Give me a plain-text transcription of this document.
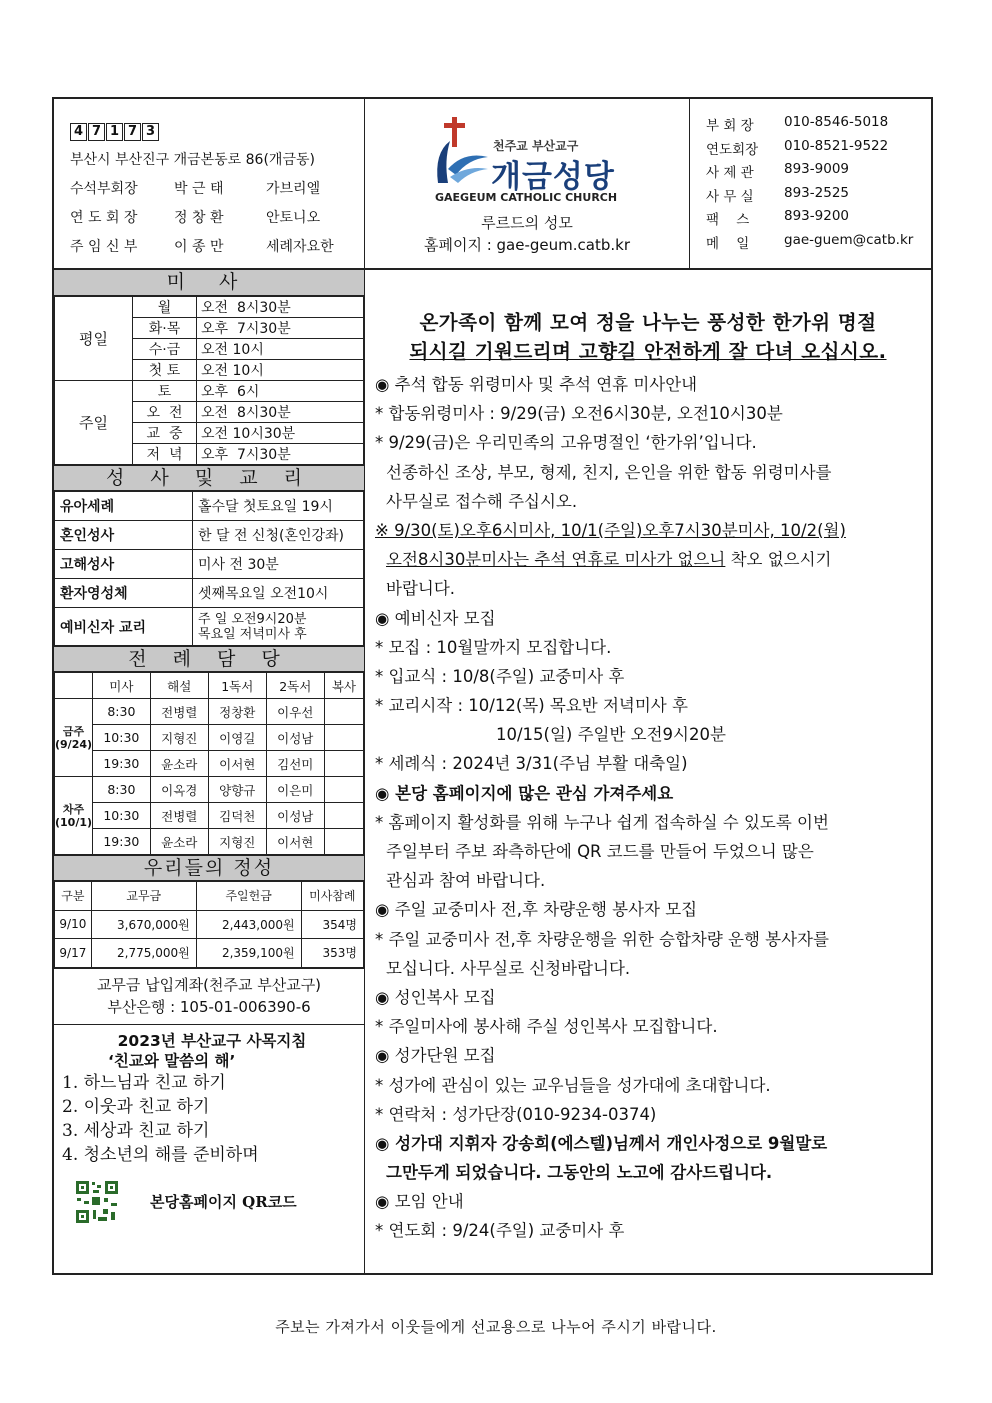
4 7 1 7 3
부산시 부산진구 개금본동로 86(개금동)
수석부회장	박 근 태	가브리엘
연 도 회 장	정 창 환	안토니오
주 임 신 부	이 종 만	세례자요한
천주교 부산교구
개금성당
GAEGEUM CATHOLIC CHURCH
루르드의 성모
홈페이지 : gae-geum.catb.kr
부 회 장	010-8546-5018
연도회장	010-8521-9522
사 제 관	893-9009
사 무 실	893-2525
팩    스	893-9200
메    일	gae-guem@catb.kr
미 사
평일	월	오전  8시30분
	화·목	오후  7시30분
	수·금	오전 10시
	첫 토	오전 10시
주일	토	오후  6시
	오  전	오전  8시30분
	교  중	오전 10시30분
	저  녁	오후  7시30분
성 사 및 교 리
유아세례	홀수달 첫토요일 19시
혼인성사	한 달 전 신청(혼인강좌)
고해성사	미사 전 30분
환자영성체	셋째목요일 오전10시
예비신자 교리	주 일 오전9시20분
목요일 저녁미사 후
전 례 담 당
	미사	해설	1독서	2독서	복사
금주(9/24)	8:30	전병렬	정창환	이우선	
	10:30	지형진	이영길	이성남	
	19:30	윤소라	이서현	김선미	
차주(10/1)	8:30	이옥경	양향규	이은미	
	10:30	전병렬	김덕천	이성남	
	19:30	윤소라	지형진	이서현	
우리들의 정성
구분	교무금	주일헌금	미사참례
9/10	3,670,000원	2,443,000원	354명
9/17	2,775,000원	2,359,100원	353명
교무금 납입계좌(천주교 부산교구)
부산은행 : 105-01-006390-6
2023년 부산교구 사목지침
‘친교와 말씀의 해’
1. 하느님과 친교 하기
2. 이웃과 친교 하기
3. 세상과 친교 하기
4. 청소년의 해를 준비하며
본당홈페이지 QR코드
온가족이 함께 모여 정을 나누는 풍성한 한가위 명절
되시길 기원드리며 고향길 안전하게 잘 다녀 오십시오.
◉ 추석 합동 위령미사 및 추석 연휴 미사안내
* 합동위령미사 : 9/29(금) 오전6시30분, 오전10시30분
* 9/29(금)은 우리민족의 고유명절인 ‘한가위’입니다.
선종하신 조상, 부모, 형제, 친지, 은인을 위한 합동 위령미사를
사무실로 접수해 주십시오.
※ 9/30(토)오후6시미사, 10/1(주일)오후7시30분미사, 10/2(월)
오전8시30분미사는 추석 연휴로 미사가 없으니 착오 없으시기
바랍니다.
◉ 예비신자 모집
* 모집 : 10월말까지 모집합니다.
* 입교식 : 10/8(주일) 교중미사 후
* 교리시작 : 10/12(목) 목요반 저녁미사 후
10/15(일) 주일반 오전9시20분
* 세례식 : 2024년 3/31(주님 부활 대축일)
◉ 본당 홈페이지에 많은 관심 가져주세요
* 홈페이지 활성화를 위해 누구나 쉽게 접속하실 수 있도록 이번
주일부터 주보 좌측하단에 QR 코드를 만들어 두었으니 많은
관심과 참여 바랍니다.
◉ 주일 교중미사 전,후 차량운행 봉사자 모집
* 주일 교중미사 전,후 차량운행을 위한 승합차량 운행 봉사자를
모십니다. 사무실로 신청바랍니다.
◉ 성인복사 모집
* 주일미사에 봉사해 주실 성인복사 모집합니다.
◉ 성가단원 모집
* 성가에 관심이 있는 교우님들을 성가대에 초대합니다.
* 연락처 : 성가단장(010-9234-0374)
◉ 성가대 지휘자 강송희(에스텔)님께서 개인사정으로 9월말로
그만두게 되었습니다. 그동안의 노고에 감사드립니다.
◉ 모임 안내
* 연도회 : 9/24(주일) 교중미사 후
주보는 가져가서 이웃들에게 선교용으로 나누어 주시기 바랍니다.
